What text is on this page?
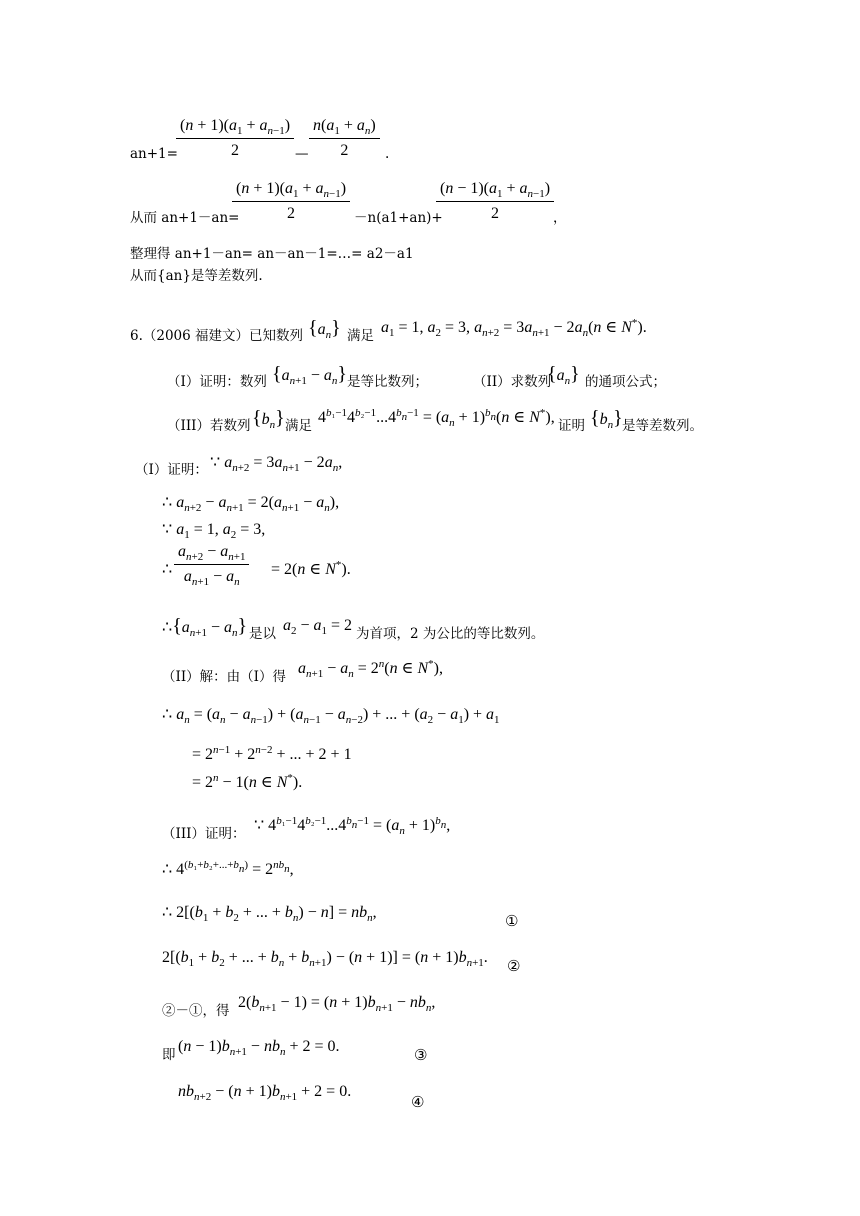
$\frac{(n + 1)(a_1 + a_{n-1})}{2}$
an+1=	— $\frac{n(a_1 + a_n)}{2}$ .
$\frac{(n + 1)(a_1 + a_{n-1})}{2}$
从而 an+1－an=	－n(a1+an)+
$\frac{(n - 1)(a_1 + a_{n-1})}{2}$
，
整理得 an+1－an= an－an－1=…= a2－a1
从而{an}是等差数列.
6.（2006 福建文）已知数列 $\{a_n\}$ 满足 $a_1 = 1$, $a_2 = 3$, $a_{n+2} = 3a_{n+1} - 2a_n(n$ ∈ N*).
（I）证明：数列 $\{a_{n+1} - a_n\}$ 是等比数列；	（II）求数列
$\{a_n\}$ 的通项公式；
（III）若数列 $\{b_n\}$ 满足 $4^{b_1-1}4^{b_2-1}...4^{b_n-1} = (a_n + 1)^{b_n}(n$ ∈ N*), 证明 $\{b_n\}$ 是等差数列。
（I）证明： ∵ $a_{n+2} = 3a_{n+1} - 2a_n$,
∴ $a_{n+2} - a_{n+1} = 2(a_{n+1} - a_n)$,
∵ $a_1 = 1$, $a_2 = 3$,
∴ $\frac{a_{n+2} - a_{n+1}}{a_{n+1} - a_n} = 2(n$ ∈ N*).
$\therefore\{a_{n+1} - a_n\}$ 是以 $a_2 - a_1 = 2$ 为首项，2 为公比的等比数列。
（II）解：由（I）得 $a_{n+1} - a_n = 2^n(n$ ∈ N*),
∴ $a_n = (a_n - a_{n-1}) + (a_{n-1} - a_{n-2})$ + ... + $(a_2 - a_1) + a_1$
= $2^{n-1} + 2^{n-2}$ + ... + 2 + 1
= $2^n - 1(n$ ∈ N*).
（III）证明： ∵ $4^{b_1-1}4^{b_2-1}...4^{b_n-1} = (a_n + 1)^{b_n}$,
∴ $4^{(b_1+b_2+...+b_n)} = 2^{nb_n}$,
∴ $2[(b_1 + b_2$ + ... + $b_n) - n] = nb_n$,	①
$2[(b_1 + b_2$ + ... + $b_n + b_{n+1}) - (n + 1)] = (n + 1)b_{n+1}$. ②
②－①，得 $2(b_{n+1} - 1) = (n + 1)b_{n+1} - nb_n$,
即 $(n - 1)b_{n+1} - nb_n + 2 = 0$.	③
$nb_{n+2} - (n + 1)b_{n+1} + 2 = 0$.
④
